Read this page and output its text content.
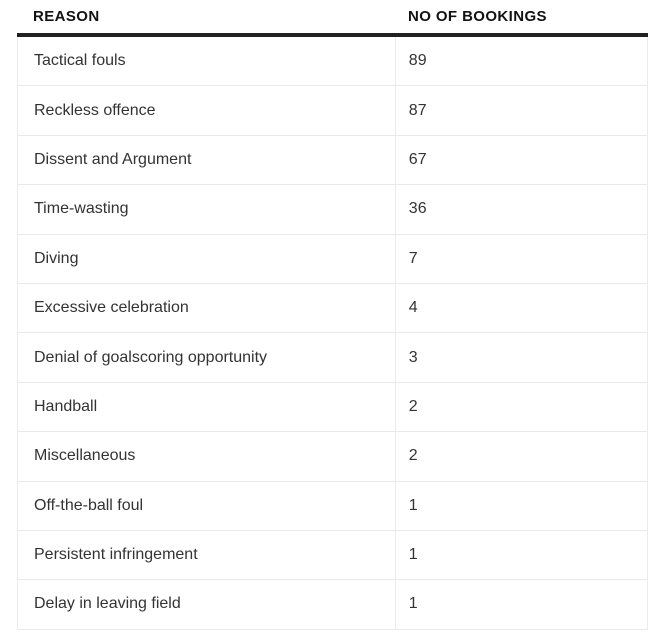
REASON	NO OF BOOKINGS
Tactical fouls	89
Reckless offence	87
Dissent and Argument	67
Time-wasting	36
Diving	7
Excessive celebration	4
Denial of goalscoring opportunity	3
Handball	2
Miscellaneous	2
Off-the-ball foul	1
Persistent infringement	1
Delay in leaving field	1
